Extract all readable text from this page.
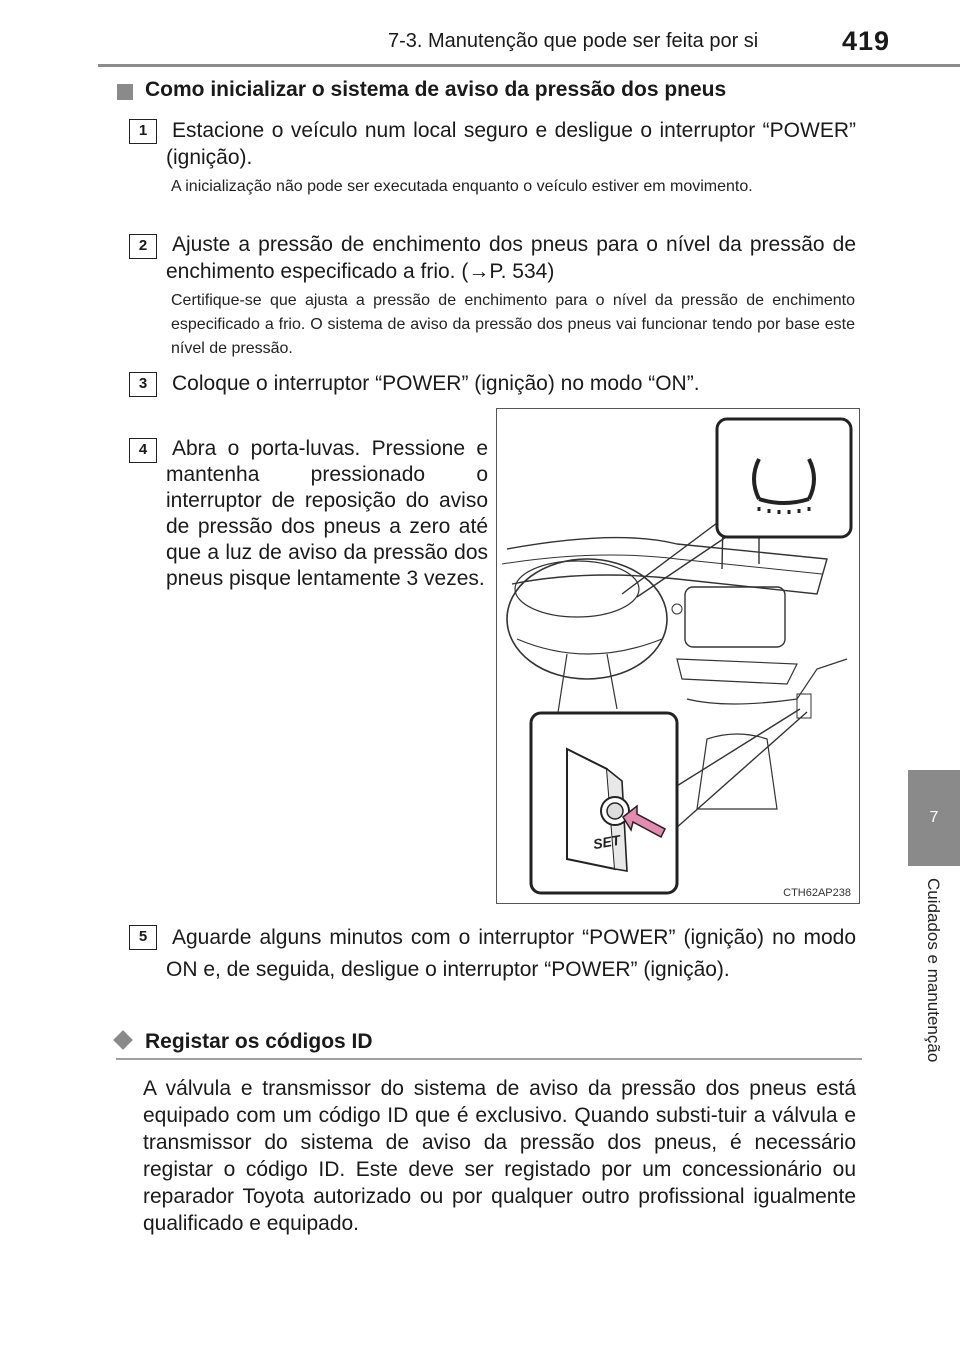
7-3. Manutenção que pode ser feita por si	419
7
Cuidados e manutenção
Como inicializar o sistema de aviso da pressão dos pneus
1	Estacione o veículo num local seguro e desligue o interruptor “POWER” (ignição).
A inicialização não pode ser executada enquanto o veículo estiver em movimento.
2	Ajuste a pressão de enchimento dos pneus para o nível da pressão de enchimento especificado a frio. (→P. 534)
Certifique-se que ajusta a pressão de enchimento para o nível da pressão de enchimento especificado a frio. O sistema de aviso da pressão dos pneus vai funcionar tendo por base este nível de pressão.
3	Coloque o interruptor “POWER” (ignição) no modo “ON”.
4	Abra o porta-luvas. Pressione e mantenha pressionado o interruptor de reposição do aviso de pressão dos pneus a zero até que a luz de aviso da pressão dos pneus pisque lentamente 3 vezes.
SET
CTH62AP238
5	Aguarde alguns minutos com o interruptor “POWER” (ignição) no modo ON e, de seguida, desligue o interruptor “POWER” (ignição).
Registar os códigos ID
A válvula e transmissor do sistema de aviso da pressão dos pneus está equipado com um código ID que é exclusivo. Quando substi-tuir a válvula e transmissor do sistema de aviso da pressão dos pneus, é necessário registar o código ID. Este deve ser registado por um concessionário ou reparador Toyota autorizado ou por qualquer outro profissional igualmente qualificado e equipado.
